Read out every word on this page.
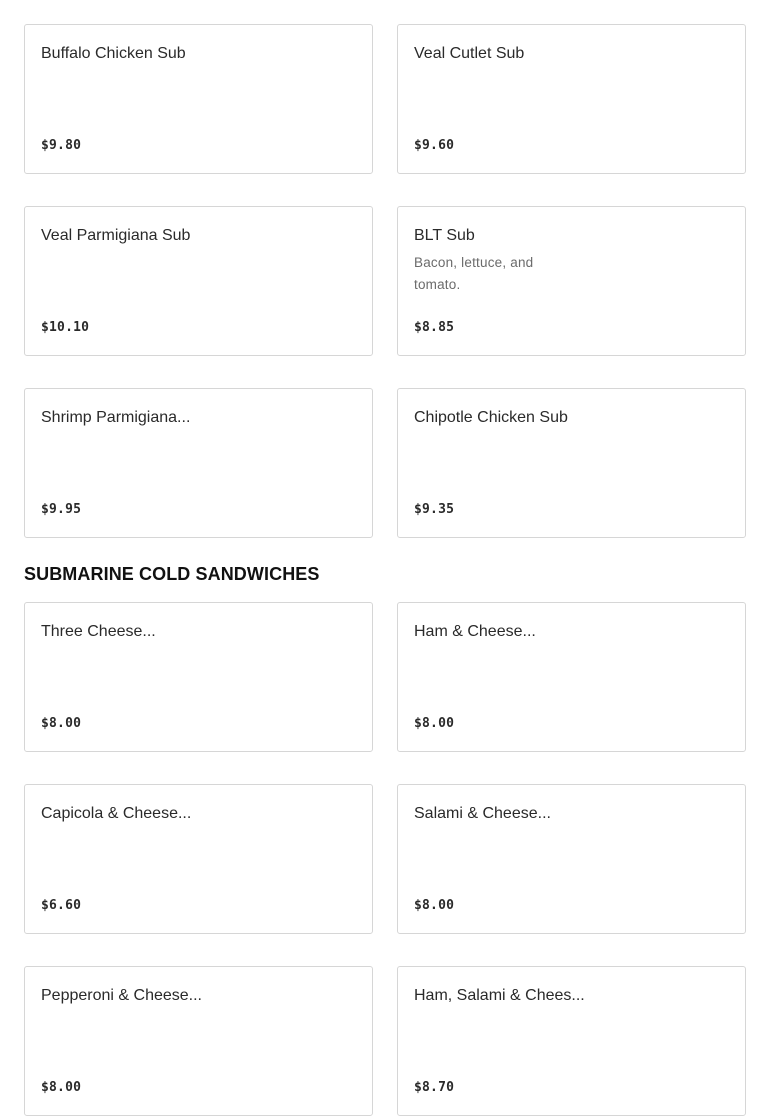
Buffalo Chicken Sub
$9.80
Veal Cutlet Sub
$9.60
Veal Parmigiana Sub
$10.10
BLT Sub
Bacon, lettuce, and tomato.
$8.85
Shrimp Parmigiana...
$9.95
Chipotle Chicken Sub
$9.35
SUBMARINE COLD SANDWICHES
Three Cheese...
$8.00
Ham & Cheese...
$8.00
Capicola & Cheese...
$6.60
Salami & Cheese...
$8.00
Pepperoni & Cheese...
$8.00
Ham, Salami & Chees...
$8.70
